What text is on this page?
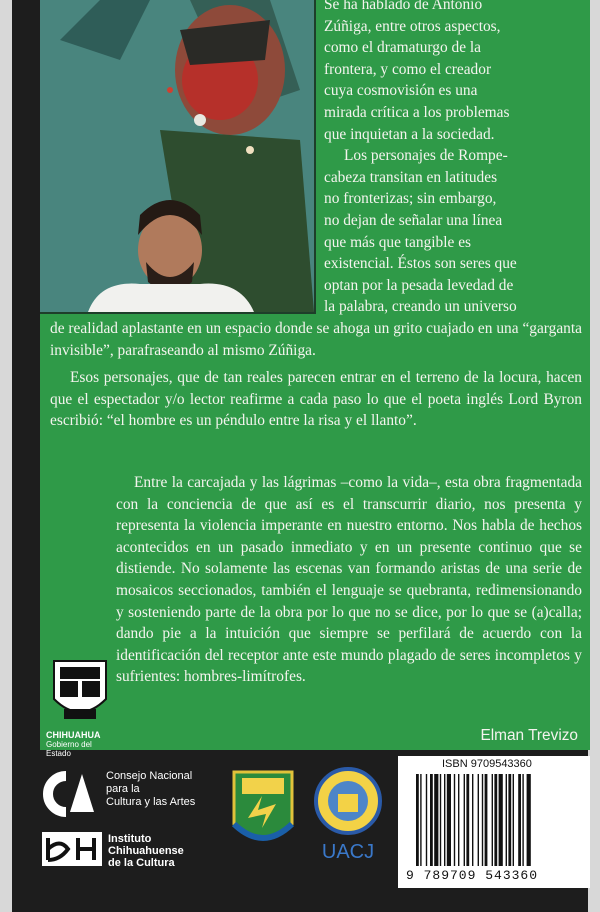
Se ha hablado de Antonio

Zúñiga, entre otros aspectos,

como el dramaturgo de la

frontera, y como el creador

cuya cosmovisión es una

mirada crítica a los problemas

que inquietan a la sociedad.

Los personajes de Rompe-

cabeza transitan en latitudes

no fronterizas; sin embargo,

no dejan de señalar una línea

que más que tangible es

existencial. Éstos son seres que

optan por la pesada levedad de

la palabra, creando un universo

de realidad aplastante en un espacio donde se ahoga un grito cuajado en una “garganta invisible”, parafraseando al mismo Zúñiga.

Esos personajes, que de tan reales parecen entrar en el terreno de la locura, hacen que el espectador y/o lector reafirme a cada paso lo que el poeta inglés Lord Byron escribió: “el hombre es un péndulo entre la risa y el llanto”.

Entre la carcajada y las lágrimas –como la vida–, esta obra fragmentada con la conciencia de que así es el transcurrir diario, nos presenta y representa la violencia imperante en nuestro entorno. Nos habla de hechos acontecidos en un pasado inmediato y en un presente continuo que se distiende. No solamente las escenas van formando aristas de una serie de mosaicos seccionados, también el lenguaje se quebranta, redimensionando y sosteniendo parte de la obra por lo que no se dice, por lo que se (a)calla; dando pie a la intuición que siempre se perfilará de acuerdo con la identificación del receptor ante este mundo plagado de seres incompletos y sufrientes: hombres-limítrofes.

Elman Trevizo
CHIHUAHUA
Gobierno del Estado
Consejo Nacional
para la
Cultura y las Artes
Instituto
Chihuahuense
de la Cultura	UACJ
ISBN 9709543360
9 789709 543360
